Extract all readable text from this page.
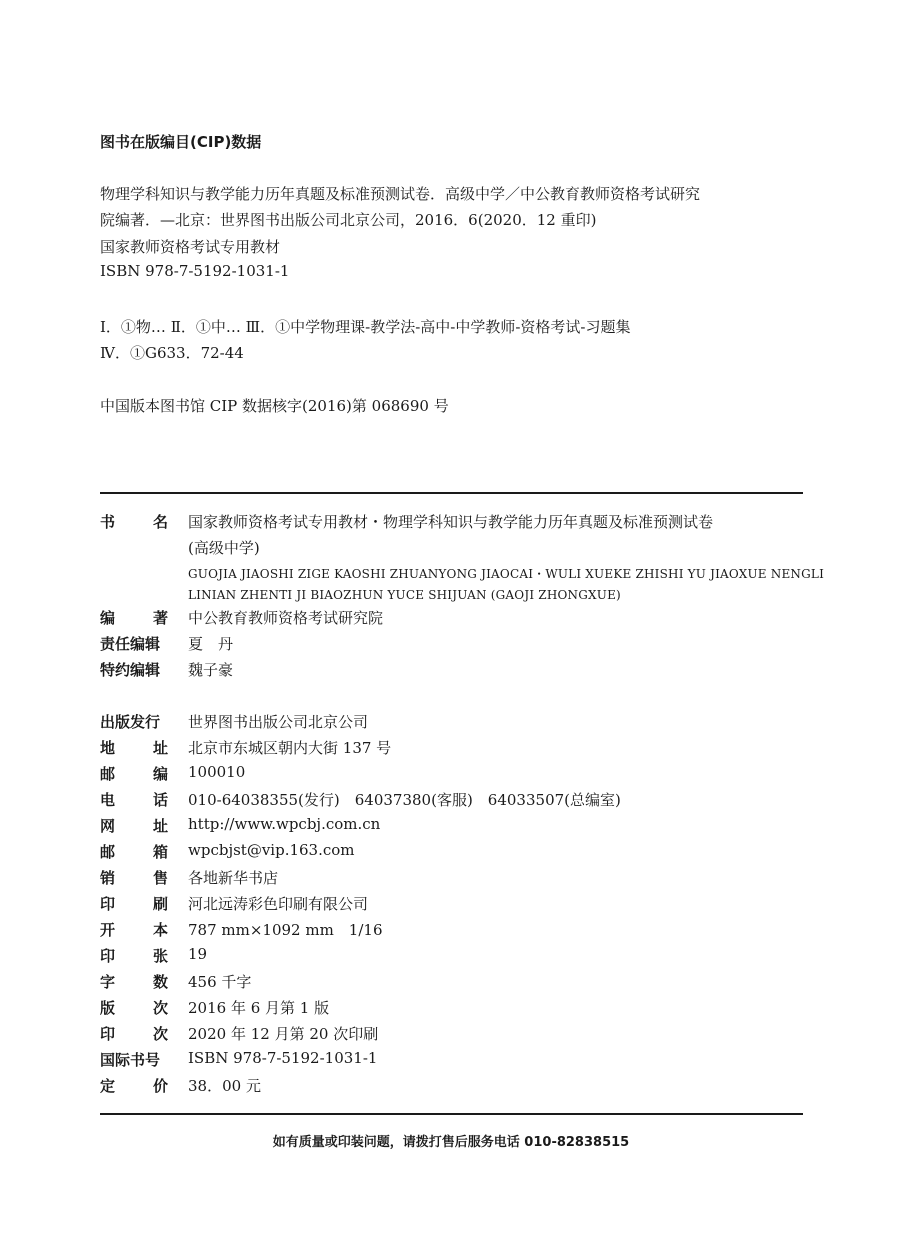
图书在版编目(CIP)数据
物理学科知识与教学能力历年真题及标准预测试卷．高级中学／中公教育教师资格考试研究
院编著．—北京：世界图书出版公司北京公司，2016．6(2020．12 重印)
国家教师资格考试专用教材
ISBN 978-7-5192-1031-1
Ⅰ．①物… Ⅱ．①中… Ⅲ．①中学物理课-教学法-高中-中学教师-资格考试-习题集
Ⅳ．①G633．72-44
中国版本图书馆 CIP 数据核字(2016)第 068690 号
书	名 国家教师资格考试专用教材・物理学科知识与教学能力历年真题及标准预测试卷
(高级中学)
GUOJIA JIAOSHI ZIGE KAOSHI ZHUANYONG JIAOCAI・WULI XUEKE ZHISHI YU JIAOXUE NENGLI
LINIAN ZHENTI JI BIAOZHUN YUCE SHIJUAN (GAOJI ZHONGXUE)
编	著 中公教育教师资格考试研究院
责任编辑	夏　丹
特约编辑	魏子豪
出版发行	世界图书出版公司北京公司
地	址 北京市东城区朝内大街 137 号
邮	编 100010
电	话 010-64038355(发行)　64037380(客服)　64033507(总编室)
网	址 http://www.wpcbj.com.cn
邮	箱 wpcbjst@vip.163.com
销	售 各地新华书店
印	刷 河北远涛彩色印刷有限公司
开	本 787 mm×1092 mm　1/16
印	张 19
字	数 456 千字
版	次 2016 年 6 月第 1 版
印	次 2020 年 12 月第 20 次印刷
国际书号	ISBN 978-7-5192-1031-1
定	价 38．00 元
如有质量或印装问题，请拨打售后服务电话 010-82838515
